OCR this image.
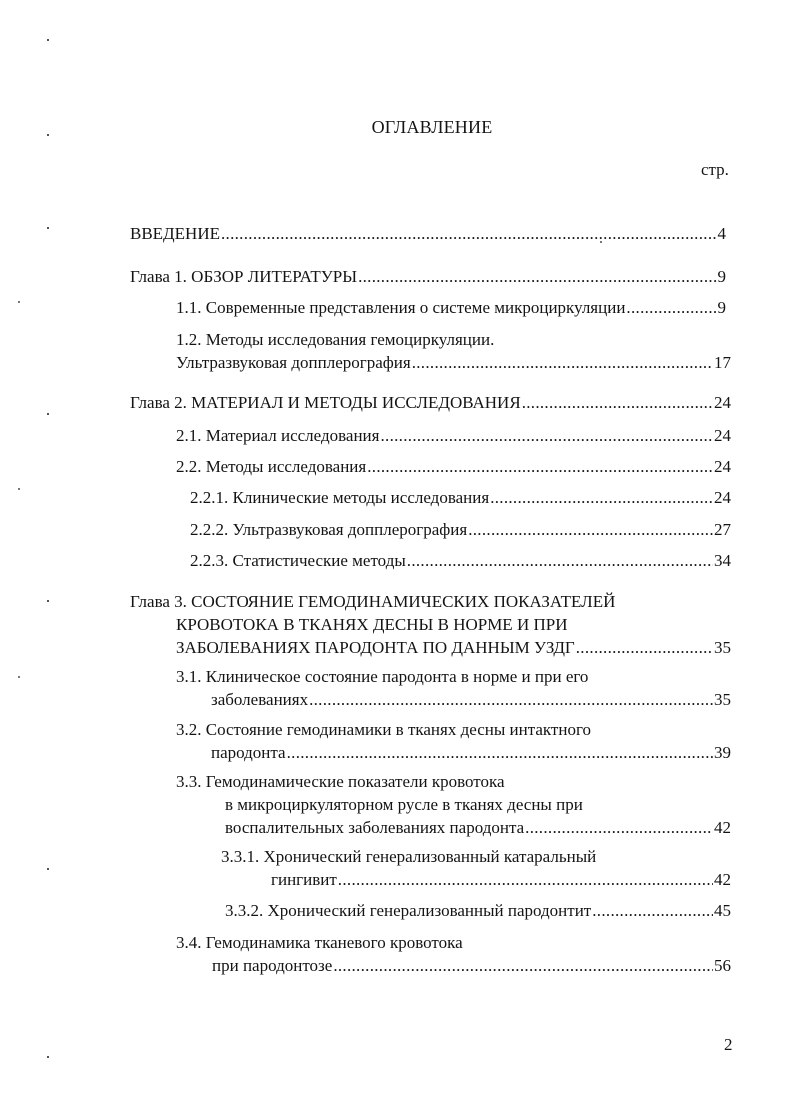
ОГЛАВЛЕНИЕ
стр.
ВВЕДЕНИЕ .....	4
Глава 1. ОБЗОР ЛИТЕРАТУРЫ .....	9
1.1. Современные представления о системе микроциркуляции .....	9
1.2. Методы исследования гемоциркуляции.
Ультразвуковая допплерография .....	17
Глава 2. МАТЕРИАЛ И МЕТОДЫ ИССЛЕДОВАНИЯ .....	24
2.1. Материал исследования .....	24
2.2. Методы исследования .....	24
2.2.1. Клинические методы исследования .....	24
2.2.2. Ультразвуковая допплерография .....	27
2.2.3. Статистические методы .....	34
Глава 3. СОСТОЯНИЕ ГЕМОДИНАМИЧЕСКИХ ПОКАЗАТЕЛЕЙ
КРОВОТОКА В ТКАНЯХ ДЕСНЫ В НОРМЕ И ПРИ
ЗАБОЛЕВАНИЯХ ПАРОДОНТА ПО ДАННЫМ УЗДГ .....	35
3.1. Клиническое состояние пародонта в норме и при его
заболеваниях .....	35
3.2. Состояние гемодинамики в тканях десны интактного
пародонта .....	39
3.3. Гемодинамические показатели кровотока
в микроциркуляторном русле в тканях десны при
воспалительных заболеваниях пародонта .....	42
3.3.1. Хронический генерализованный катаральный
гингивит .....	42
3.3.2. Хронический генерализованный пародонтит .....	45
3.4. Гемодинамика тканевого кровотока
при пародонтозе .....	56
2
